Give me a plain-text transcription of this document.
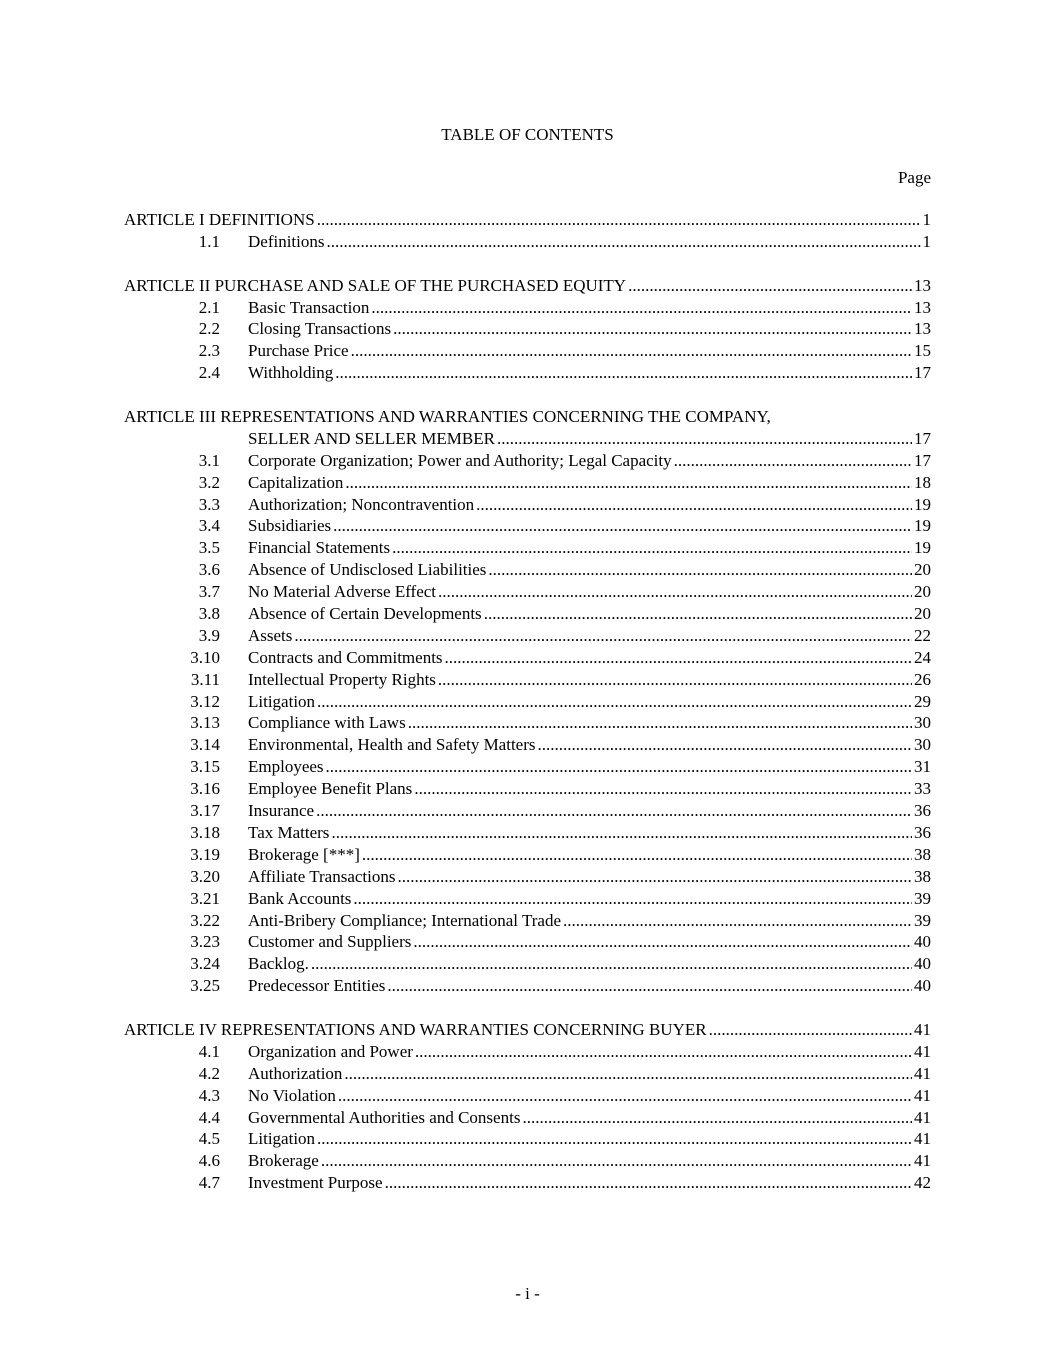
TABLE OF CONTENTS
Page
ARTICLE I DEFINITIONS .....	1
1.1 Definitions .....	1
ARTICLE II PURCHASE AND SALE OF THE PURCHASED EQUITY .....	13
2.1 Basic Transaction .....	13
2.2 Closing Transactions .....	13
2.3 Purchase Price .....	15
2.4 Withholding .....	17
ARTICLE III REPRESENTATIONS AND WARRANTIES CONCERNING THE COMPANY,
SELLER AND SELLER MEMBER .....	17
3.1 Corporate Organization; Power and Authority; Legal Capacity .....	17
3.2 Capitalization .....	18
3.3 Authorization; Noncontravention .....	19
3.4 Subsidiaries .....	19
3.5 Financial Statements .....	19
3.6 Absence of Undisclosed Liabilities .....	20
3.7 No Material Adverse Effect .....	20
3.8 Absence of Certain Developments .....	20
3.9 Assets .....	22
3.10 Contracts and Commitments .....	24
3.11 Intellectual Property Rights .....	26
3.12 Litigation .....	29
3.13 Compliance with Laws .....	30
3.14 Environmental, Health and Safety Matters .....	30
3.15 Employees .....	31
3.16 Employee Benefit Plans .....	33
3.17 Insurance .....	36
3.18 Tax Matters .....	36
3.19 Brokerage [***] .....	38
3.20 Affiliate Transactions .....	38
3.21 Bank Accounts .....	39
3.22 Anti-Bribery Compliance; International Trade .....	39
3.23 Customer and Suppliers .....	40
3.24 Backlog. .....	40
3.25 Predecessor Entities .....	40
ARTICLE IV REPRESENTATIONS AND WARRANTIES CONCERNING BUYER .....	41
4.1 Organization and Power .....	41
4.2 Authorization .....	41
4.3 No Violation .....	41
4.4 Governmental Authorities and Consents .....	41
4.5 Litigation .....	41
4.6 Brokerage .....	41
4.7 Investment Purpose .....	42
- i -
